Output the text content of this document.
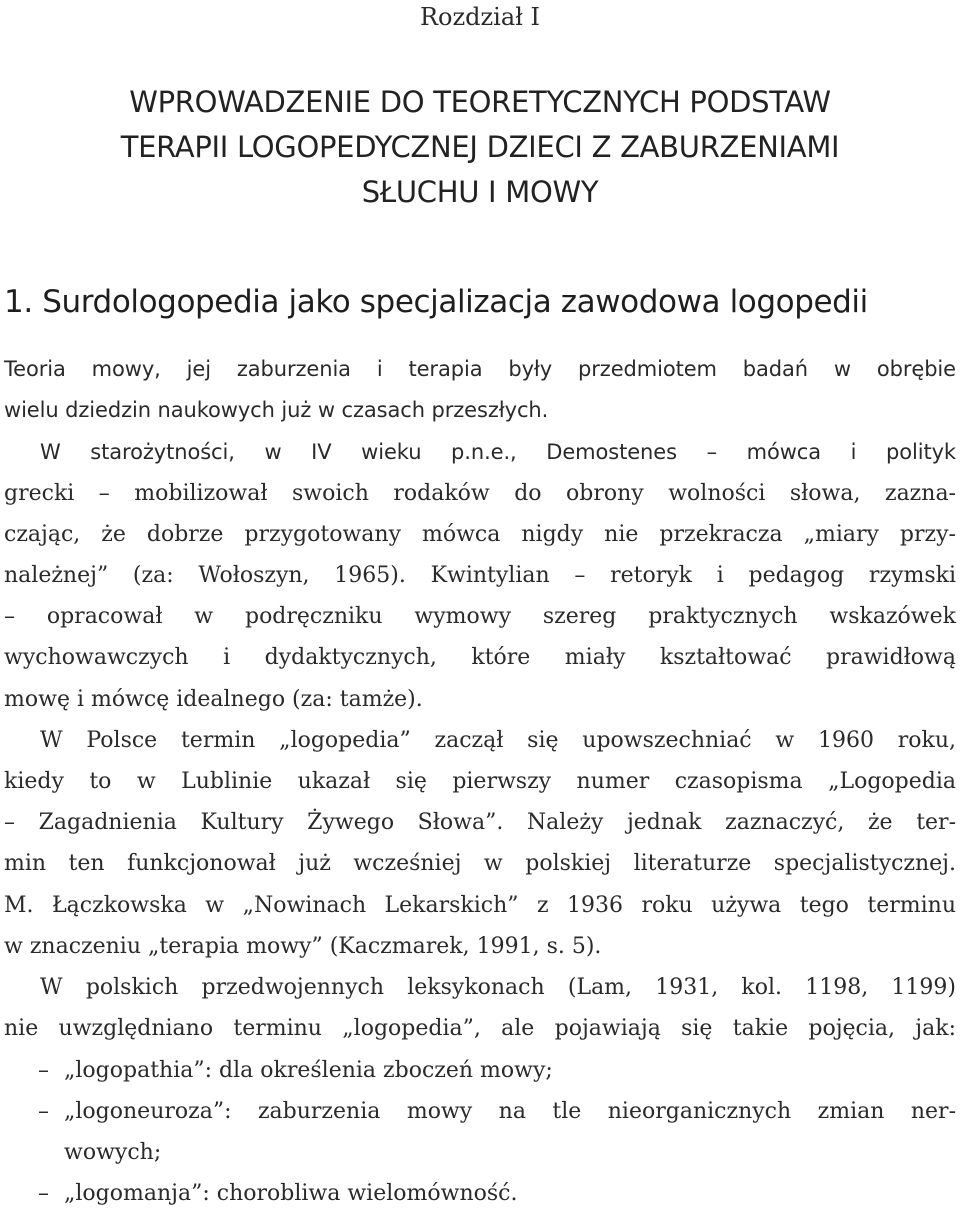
Rozdział I
WPROWADZENIE DO TEORETYCZNYCH PODSTAW
TERAPII LOGOPEDYCZNEJ DZIECI Z ZABURZENIAMI
SŁUCHU I MOWY
1. Surdologopedia jako specjalizacja zawodowa logopedii
Teoria mowy, jej zaburzenia i terapia były przedmiotem badań w obrębie
wielu dziedzin naukowych już w czasach przeszłych.
W starożytności, w IV wieku p.n.e., Demostenes – mówca i polityk
grecki – mobilizował swoich rodaków do obrony wolności słowa, zazna-
czając, że dobrze przygotowany mówca nigdy nie przekracza „miary przy-
należnej” (za: Wołoszyn, 1965). Kwintylian – retoryk i pedagog rzymski
– opracował w podręczniku wymowy szereg praktycznych wskazówek
wychowawczych i dydaktycznych, które miały kształtować prawidłową
mowę i mówcę idealnego (za: tamże).
W Polsce termin „logopedia” zaczął się upowszechniać w 1960 roku,
kiedy to w Lublinie ukazał się pierwszy numer czasopisma „Logopedia
– Zagadnienia Kultury Żywego Słowa”. Należy jednak zaznaczyć, że ter-
min ten funkcjonował już wcześniej w polskiej literaturze specjalistycznej.
M. Łączkowska w „Nowinach Lekarskich” z 1936 roku używa tego terminu
w znaczeniu „terapia mowy” (Kaczmarek, 1991, s. 5).
W polskich przedwojennych leksykonach (Lam, 1931, kol. 1198, 1199)
nie uwzględniano terminu „logopedia”, ale pojawiają się takie pojęcia, jak:
– „logopathia”: dla określenia zboczeń mowy;
– „logoneuroza”: zaburzenia mowy na tle nieorganicznych zmian ner-
wowych;
– „logomanja”: chorobliwa wielomówność.
